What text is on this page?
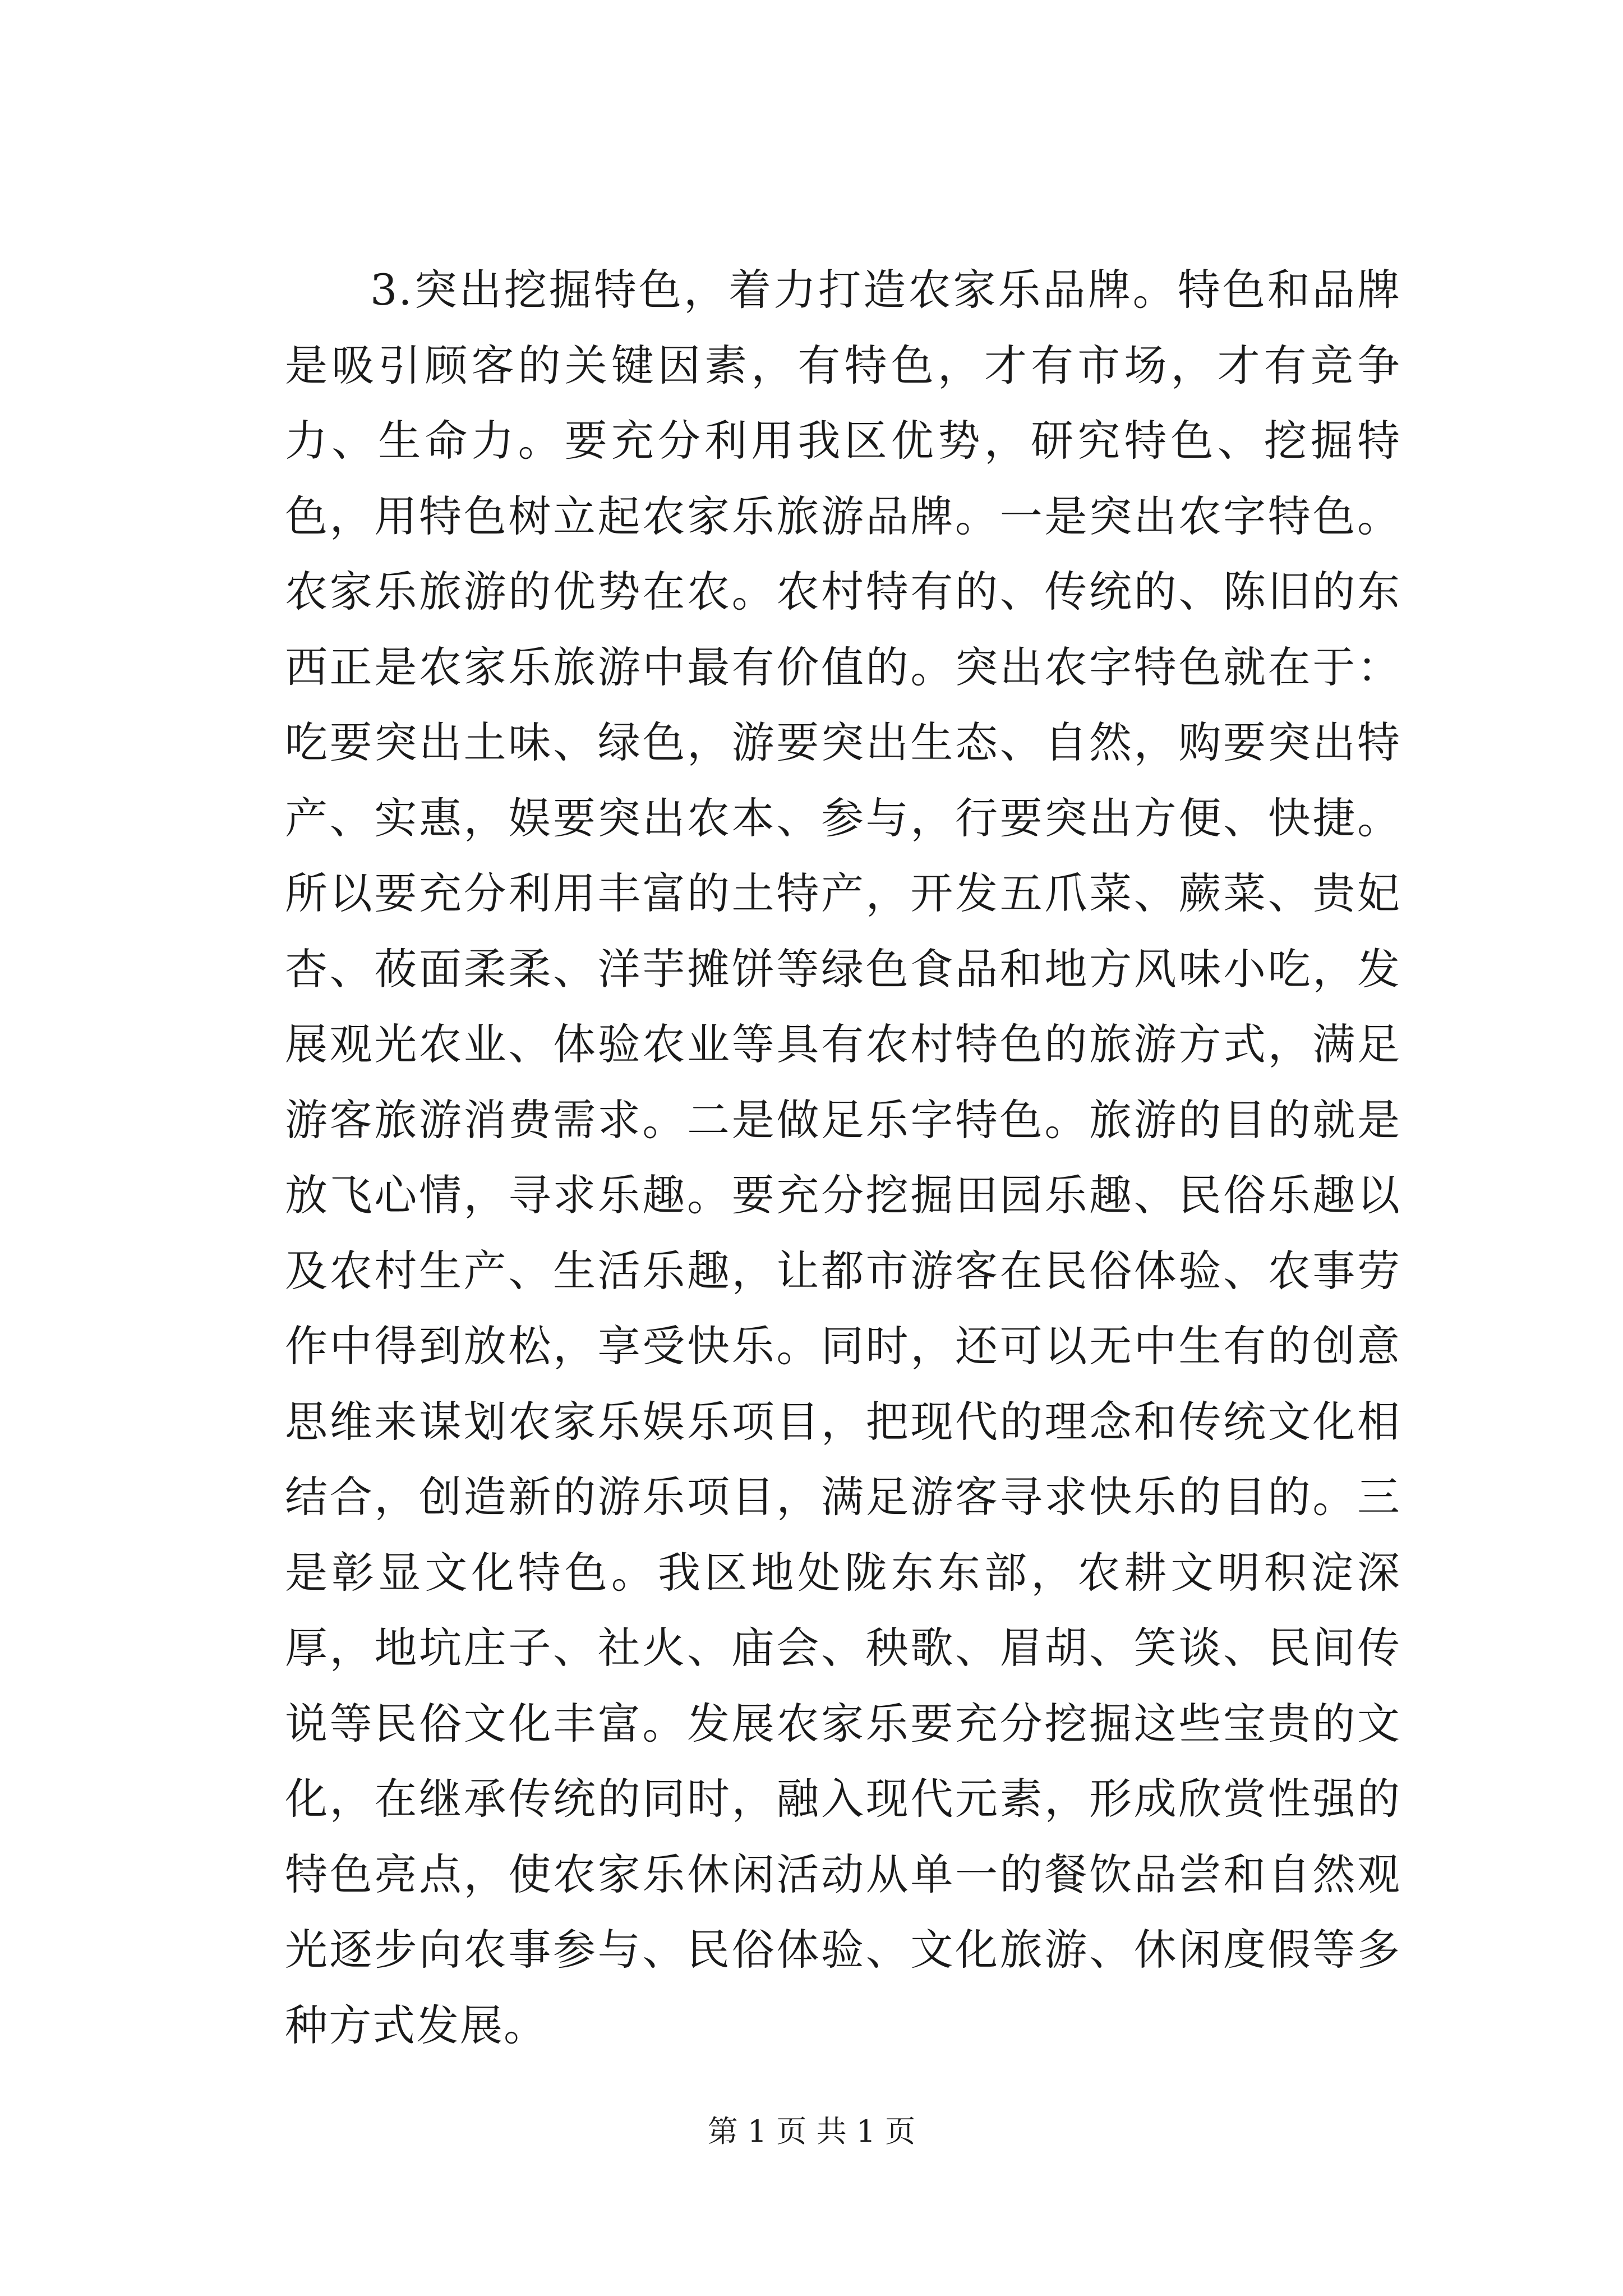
3.突出挖掘特色，着力打造农家乐品牌。特色和品牌是吸引顾客的关键因素，有特色，才有市场，才有竞争力、生命力。要充分利用我区优势，研究特色、挖掘特色，用特色树立起农家乐旅游品牌。一是突出农字特色。农家乐旅游的优势在农。农村特有的、传统的、陈旧的东西正是农家乐旅游中最有价值的。突出农字特色就在于：吃要突出土味、绿色，游要突出生态、自然，购要突出特产、实惠，娱要突出农本、参与，行要突出方便、快捷。所以要充分利用丰富的土特产，开发五爪菜、蕨菜、贵妃杏、莜面柔柔、洋芋摊饼等绿色食品和地方风味小吃，发展观光农业、体验农业等具有农村特色的旅游方式，满足游客旅游消费需求。二是做足乐字特色。旅游的目的就是放飞心情，寻求乐趣。要充分挖掘田园乐趣、民俗乐趣以及农村生产、生活乐趣，让都市游客在民俗体验、农事劳作中得到放松，享受快乐。同时，还可以无中生有的创意思维来谋划农家乐娱乐项目，把现代的理念和传统文化相结合，创造新的游乐项目，满足游客寻求快乐的目的。三是彰显文化特色。我区地处陇东东部，农耕文明积淀深厚，地坑庄子、社火、庙会、秧歌、眉胡、笑谈、民间传说等民俗文化丰富。发展农家乐要充分挖掘这些宝贵的文化，在继承传统的同时，融入现代元素，形成欣赏性强的特色亮点，使农家乐休闲活动从单一的餐饮品尝和自然观光逐步向农事参与、民俗体验、文化旅游、休闲度假等多种方式发展。

第 1 页 共 1 页
